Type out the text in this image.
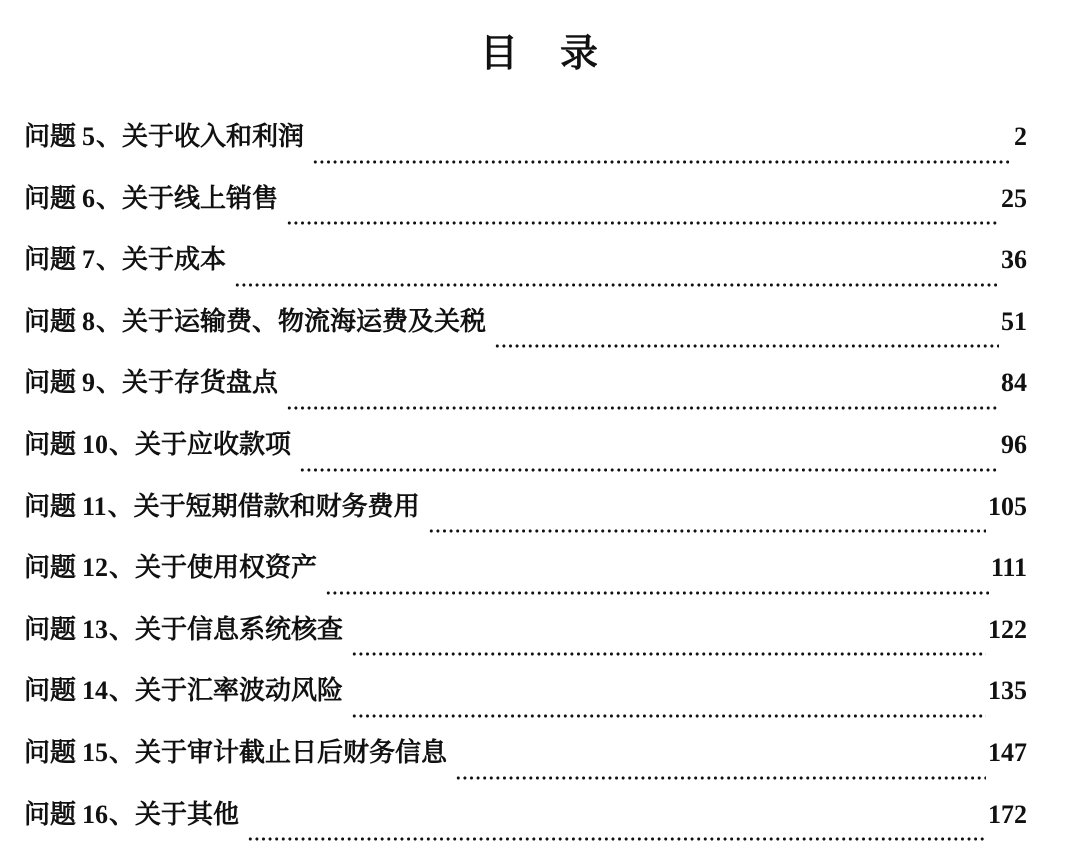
目　录
问题 5、关于收入和利润	2
问题 6、关于线上销售	25
问题 7、关于成本	36
问题 8、关于运输费、物流海运费及关税	51
问题 9、关于存货盘点	84
问题 10、关于应收款项	96
问题 11、关于短期借款和财务费用	105
问题 12、关于使用权资产	111
问题 13、关于信息系统核查	122
问题 14、关于汇率波动风险	135
问题 15、关于审计截止日后财务信息	147
问题 16、关于其他	172
